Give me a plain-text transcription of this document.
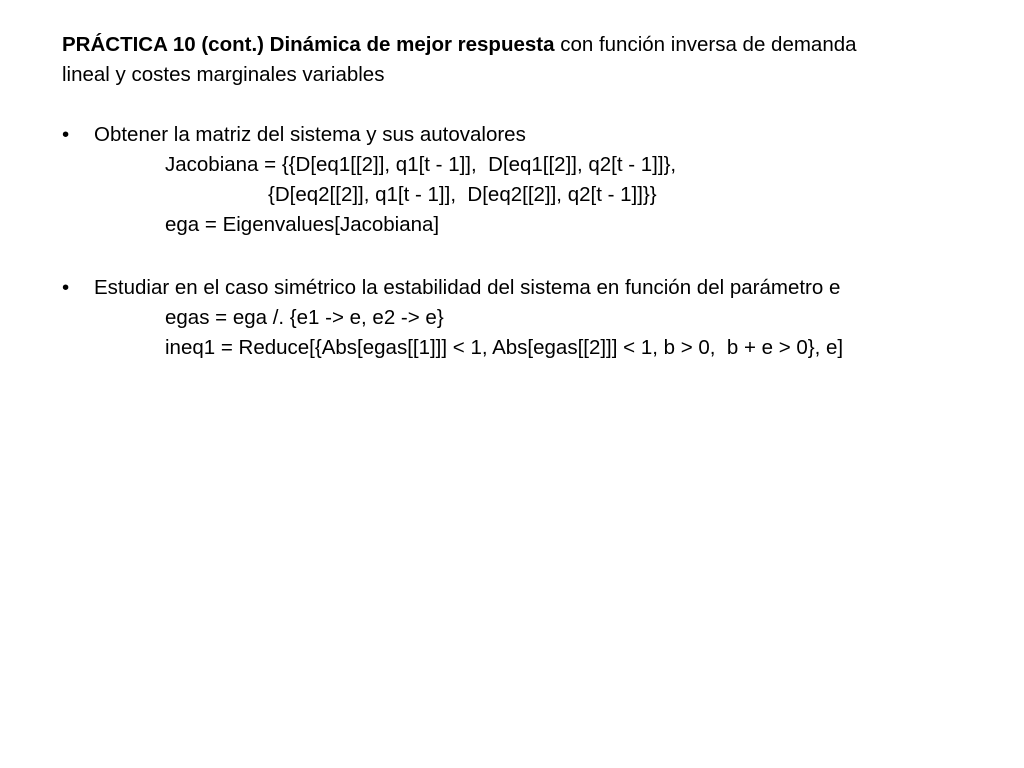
PRÁCTICA 10 (cont.) Dinámica de mejor respuesta con función inversa de demanda
lineal y costes marginales variables
• Obtener la matriz del sistema y sus autovalores
Jacobiana = {{D[eq1[[2]], q1[t - 1]],  D[eq1[[2]], q2[t - 1]]},
{D[eq2[[2]], q1[t - 1]],  D[eq2[[2]], q2[t - 1]]}}
ega = Eigenvalues[Jacobiana]
• Estudiar en el caso simétrico la estabilidad del sistema en función del parámetro e
egas = ega /. {e1 -> e, e2 -> e}
ineq1 = Reduce[{Abs[egas[[1]]] < 1, Abs[egas[[2]]] < 1, b > 0,  b + e > 0}, e]
